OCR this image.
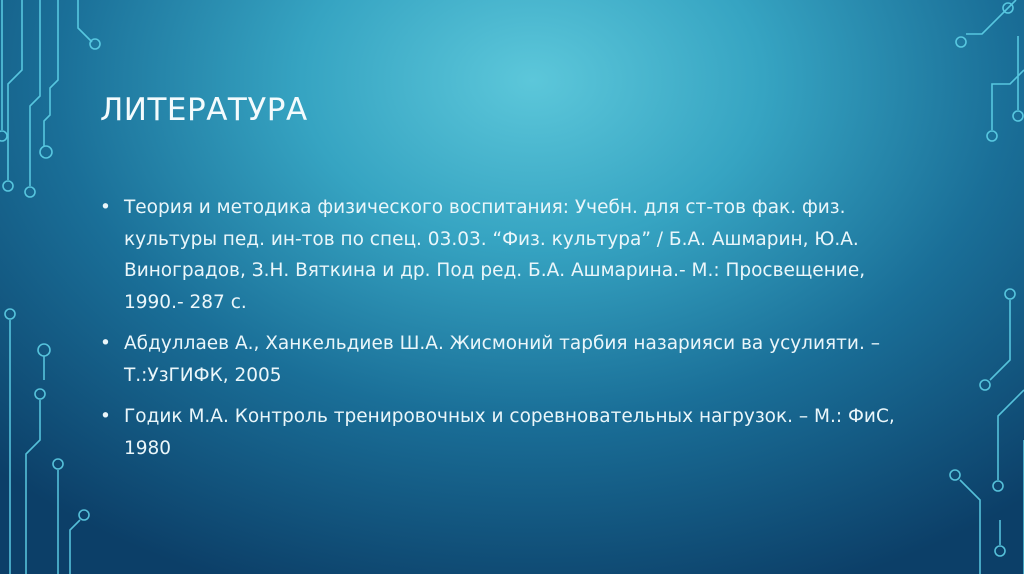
ЛИТЕРАТУРА
• Теория и методика физического воспитания: Учебн. для ст-тов фак. физ. культуры пед. ин-тов по спец. 03.03. “Физ. культура” / Б.А. Ашмарин, Ю.А. Виноградов, З.Н. Вяткина и др. Под ред. Б.А. Ашмарина.- М.: Просвещение, 1990.- 287 с.
• Абдуллаев А., Ханкельдиев Ш.А. Жисмоний тарбия назарияси ва усулияти. – Т.:УзГИФК, 2005
• Годик М.А. Контроль тренировочных и соревновательных нагрузок. – М.: ФиС, 1980
